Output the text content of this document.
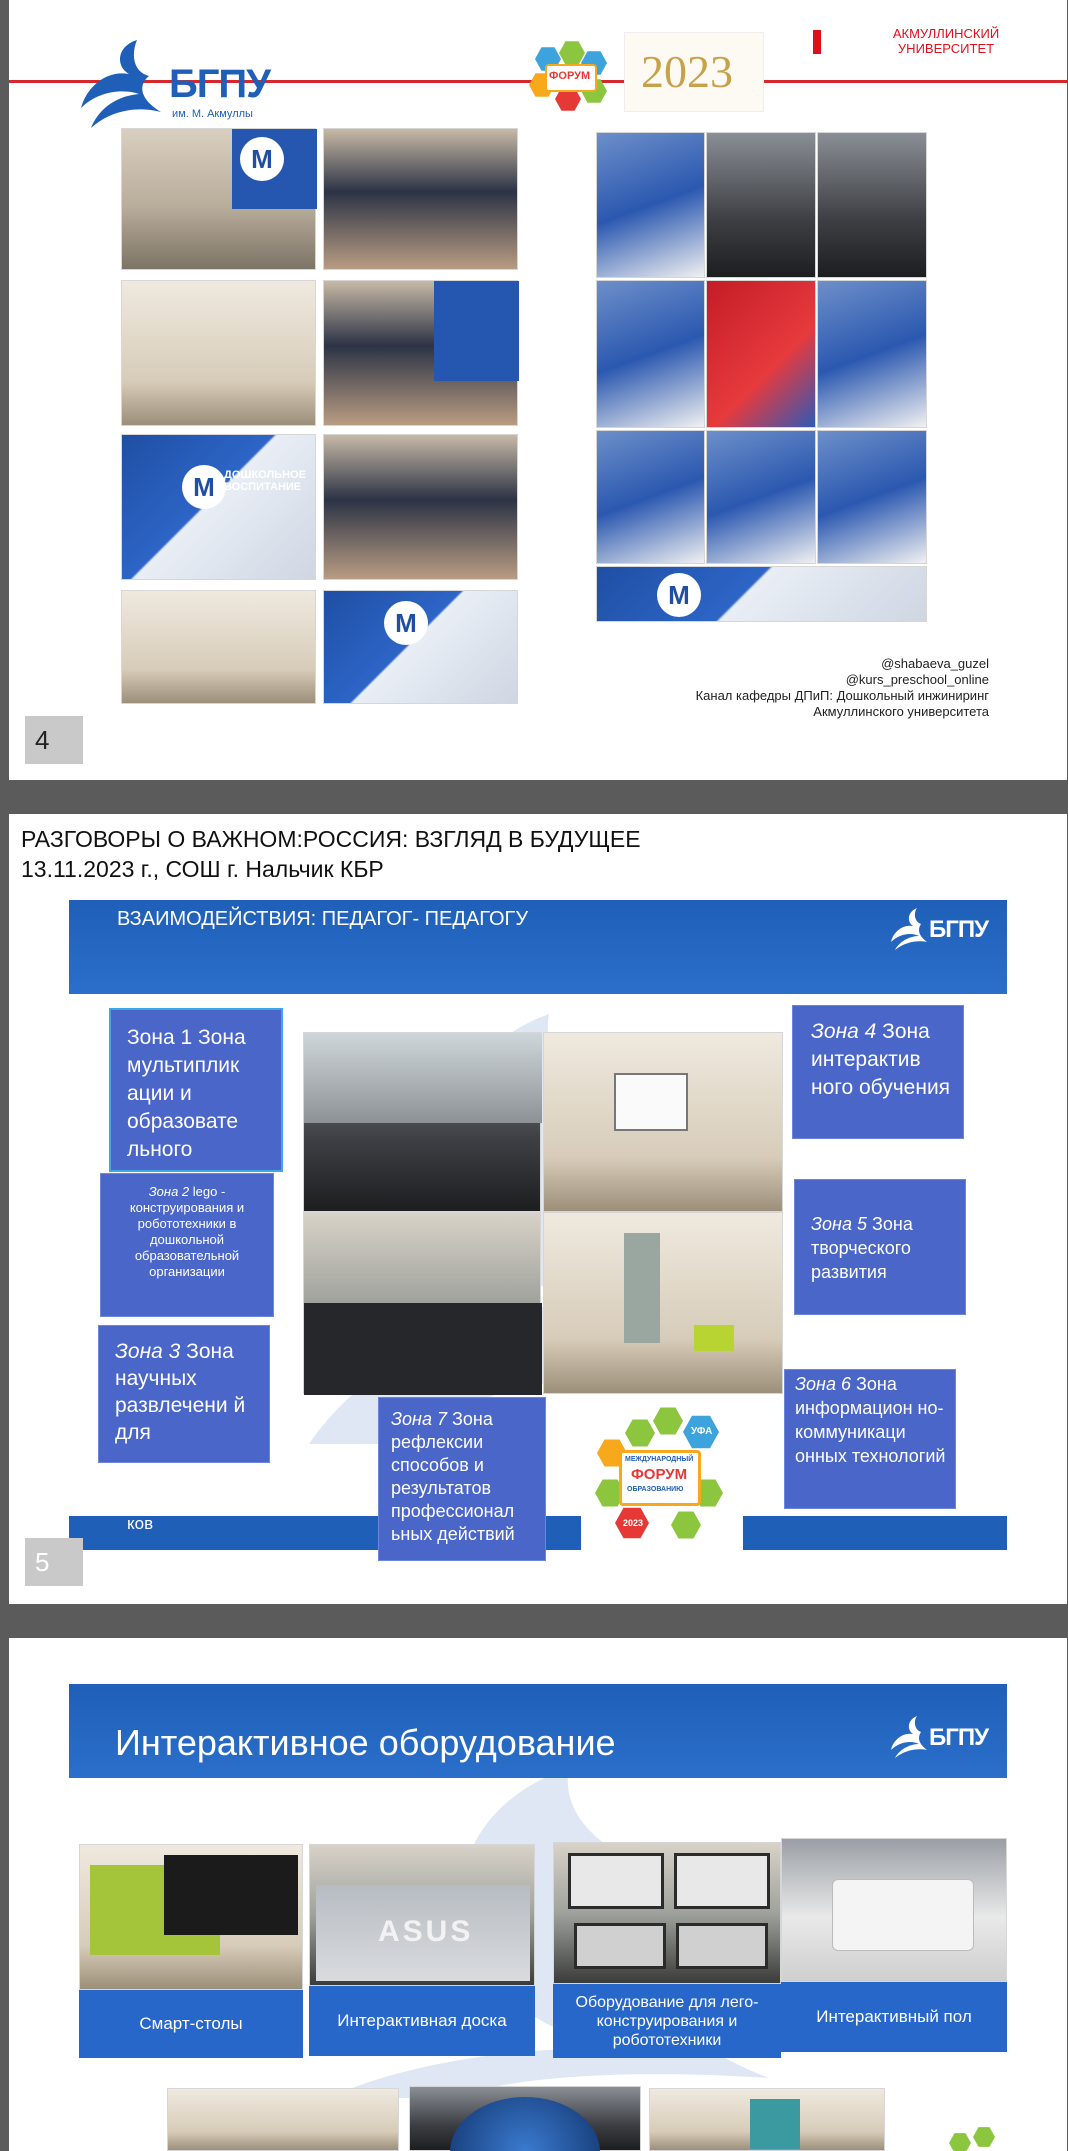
БГПУ
им. М. Акмуллы
ФОРУМ 2023
АКМУЛЛИНСКИЙ УНИВЕРСИТЕТ
M
M ДОШКОЛЬНОЕ ВОСПИТАНИЕ
M
M
@shabaeva_guzel
@kurs_preschool_online
Канал кафедры ДПиП: Дошкольный инжиниринг
Акмуллинского университета
4
РАЗГОВОРЫ О ВАЖНОМ:РОССИЯ: ВЗГЛЯД В БУДУЩЕЕ
13.11.2023 г., СОШ г. Нальчик КБР
ВЗАИМОДЕЙСТВИЯ: ПЕДАГОГ- ПЕДАГОГУ	БГПУ
Зона 1 Зона мультиплик ации и образовате льного
Зона 2 lego - конструирования и робототехники в дошкольной образовательной организации
Зона 3 Зона научных развлечени й для
ков
Зона 4 Зона интерактив ного обучения
Зона 5 Зона творческого развития
Зона 6 Зона информацион но-коммуникаци онных технологий
Зона 7 Зона рефлексии способов и результатов профессионал ьных действий
УФА
МЕЖДУНАРОДНЫЙ
ФОРУМ
ОБРАЗОВАНИЮ
2023
5
Интерактивное оборудование	БГПУ
Смарт-столы
ASUS
Интерактивная доска
Оборудование для лего-конструирования и робототехники
Интерактивный пол
